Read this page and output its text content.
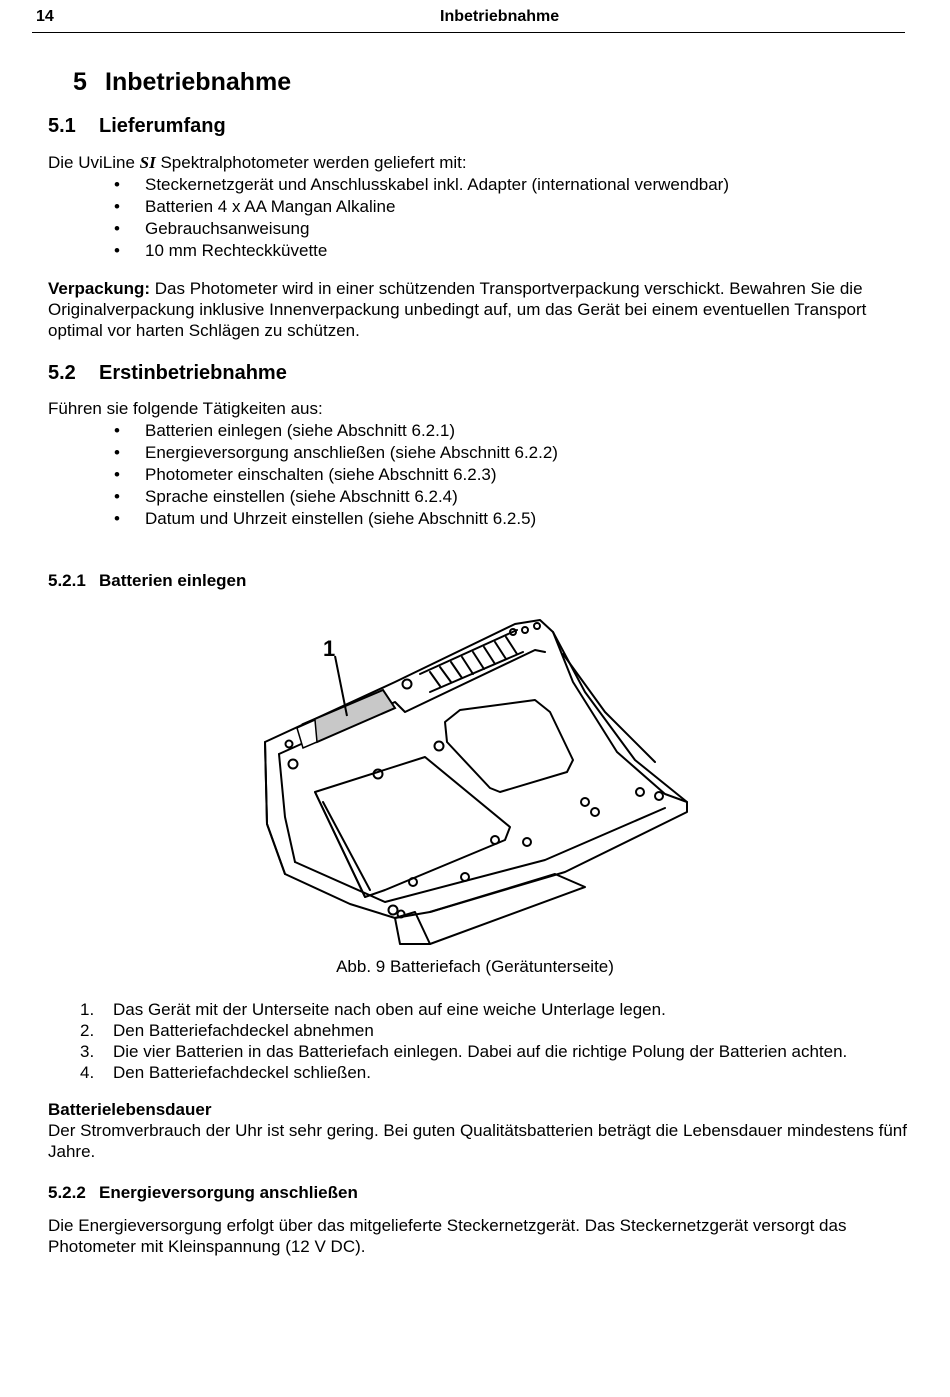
14	Inbetriebnahme
5 Inbetriebnahme
5.1 Lieferumfang
Die UviLine SI Spektralphotometer werden geliefert mit:
• Steckernetzgerät und Anschlusskabel inkl. Adapter (international verwendbar)
• Batterien 4 x AA Mangan Alkaline
• Gebrauchsanweisung
• 10 mm Rechteckküvette
Verpackung: Das Photometer wird in einer schützenden Transportverpackung verschickt. Bewahren Sie die Originalverpackung inklusive Innenverpackung unbedingt auf, um das Gerät bei einem eventuellen Transport optimal vor harten Schlägen zu schützen.
5.2 Erstinbetriebnahme
Führen sie folgende Tätigkeiten aus:
• Batterien einlegen (siehe Abschnitt 6.2.1)
• Energieversorgung anschließen (siehe Abschnitt 6.2.2)
• Photometer einschalten (siehe Abschnitt 6.2.3)
• Sprache einstellen (siehe Abschnitt 6.2.4)
• Datum und Uhrzeit einstellen (siehe Abschnitt 6.2.5)
5.2.1 Batterien einlegen
1
Abb. 9 Batteriefach (Gerätunterseite)
1. Das Gerät mit der Unterseite nach oben auf eine weiche Unterlage legen.
2. Den Batteriefachdeckel abnehmen
3. Die vier Batterien in das Batteriefach einlegen. Dabei auf die richtige Polung der Batterien achten.
4. Den Batteriefachdeckel schließen.
Batterielebensdauer
Der Stromverbrauch der Uhr ist sehr gering. Bei guten Qualitätsbatterien beträgt die Lebensdauer mindestens fünf Jahre.
5.2.2 Energieversorgung anschließen
Die Energieversorgung erfolgt über das mitgelieferte Steckernetzgerät. Das Steckernetzgerät versorgt das Photometer mit Kleinspannung (12 V DC).
